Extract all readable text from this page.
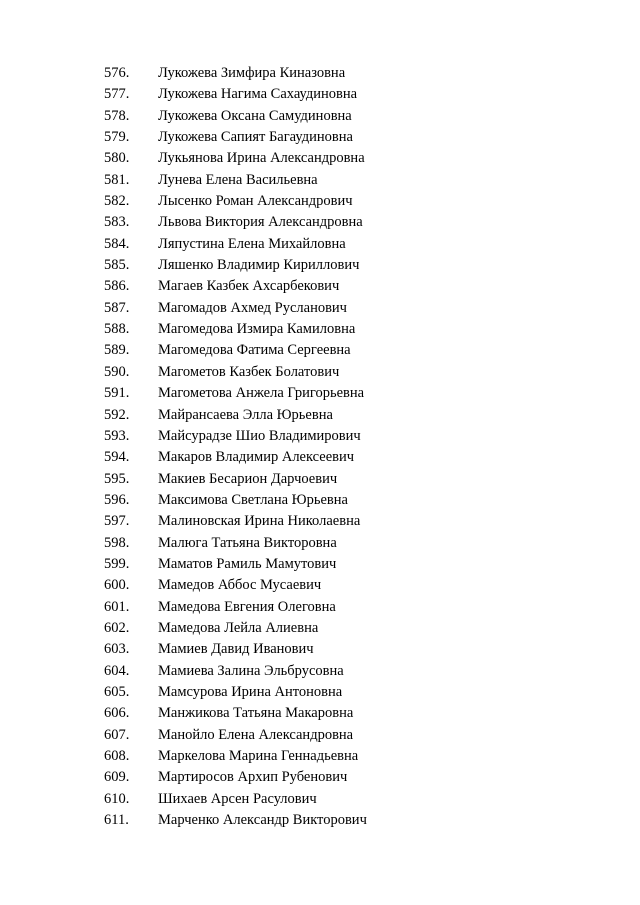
576. Лукожева Зимфира Киназовна
577. Лукожева Нагима Сахаудиновна
578. Лукожева Оксана Самудиновна
579. Лукожева Сапият Багаудиновна
580. Лукьянова Ирина Александровна
581. Лунева Елена Васильевна
582. Лысенко Роман Александрович
583. Львова Виктория Александровна
584. Ляпустина Елена Михайловна
585. Ляшенко Владимир Кириллович
586. Магаев Казбек Ахсарбекович
587. Магомадов Ахмед Русланович
588. Магомедова Измира Камиловна
589. Магомедова Фатима Сергеевна
590. Магометов Казбек Болатович
591. Магометова Анжела Григорьевна
592. Майрансаева Элла Юрьевна
593. Майсурадзе Шио Владимирович
594. Макаров Владимир Алексеевич
595. Макиев Бесарион Дарчоевич
596. Максимова Светлана Юрьевна
597. Малиновская Ирина Николаевна
598. Малюга Татьяна Викторовна
599. Маматов Рамиль Мамутович
600. Мамедов Аббос Мусаевич
601. Мамедова Евгения Олеговна
602. Мамедова Лейла Алиевна
603. Мамиев Давид Иванович
604. Мамиева Залина Эльбрусовна
605. Мамсурова Ирина Антоновна
606. Манжикова Татьяна Макаровна
607. Манойло Елена Александровна
608. Маркелова Марина Геннадьевна
609. Мартиросов Архип Рубенович
610. Шихаев Арсен Расулович
611. Марченко Александр Викторович
